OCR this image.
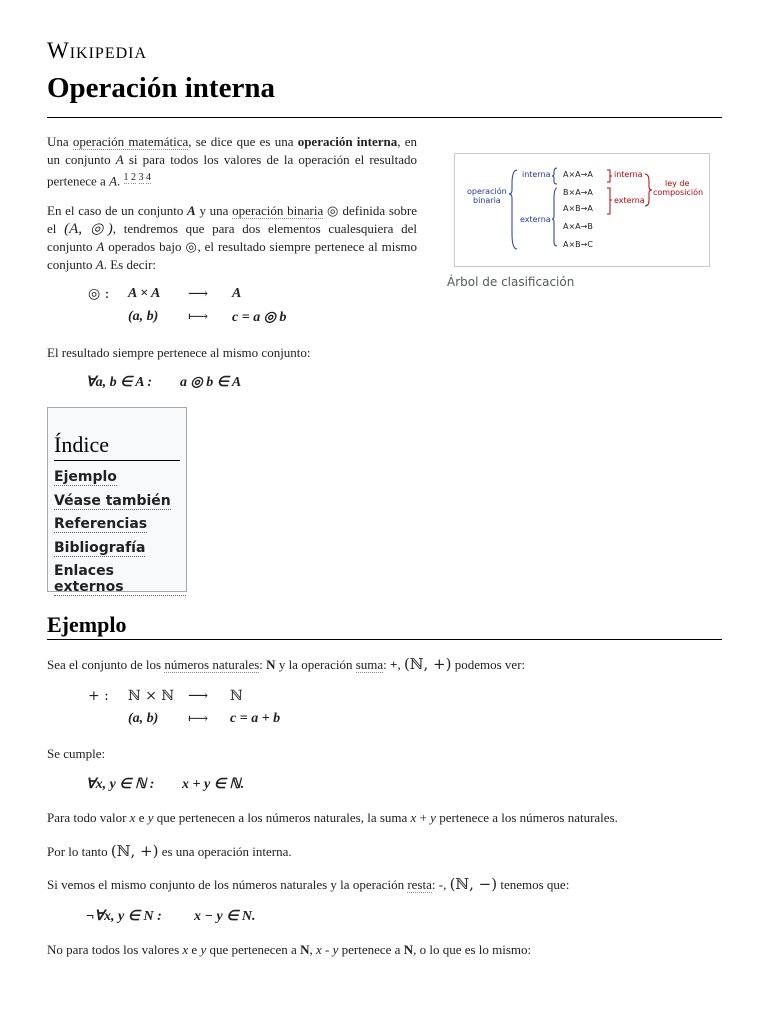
Wikipedia
Operación interna
Una operación matemática, se dice que es una operación interna, en un conjunto A si para todos los valores de la operación el resultado pertenece a A. $^{1 2 3 4}$
En el caso de un conjunto A y una operación binaria ◎ definida sobre el (A, ◎), tendremos que para dos elementos cualesquiera del conjunto A operados bajo ◎, el resultado siempre pertenece al mismo conjunto A. Es decir:
◎ : A × A ⟶ A
(a, b) ⟼ c = a ◎ b
El resultado siempre pertenece al mismo conjunto:
∀a, b ∈ A : a ◎ b ∈ A
operación binaria
interna
externa
A×A→A
B×A→A
A×B→A
A×A→B
A×B→C
interna
externa
ley de composición
Árbol de clasificación
Índice
Ejemplo
Véase también
Referencias
Bibliografía
Enlaces externos
Ejemplo
Sea el conjunto de los números naturales: N y la operación suma: +, (ℕ, +) podemos ver:
+ : ℕ × ℕ ⟶ ℕ
(a, b) ⟼ c = a + b
Se cumple:
∀x, y ∈ ℕ : x + y ∈ ℕ.
Para todo valor x e y que pertenecen a los números naturales, la suma x + y pertenece a los números naturales.
Por lo tanto (ℕ, +) es una operación interna.
Si vemos el mismo conjunto de los números naturales y la operación resta: -, (ℕ, −) tenemos que:
¬∀x, y ∈ N : x − y ∈ N.
No para todos los valores x e y que pertenecen a N, x - y pertenece a N, o lo que es lo mismo:
